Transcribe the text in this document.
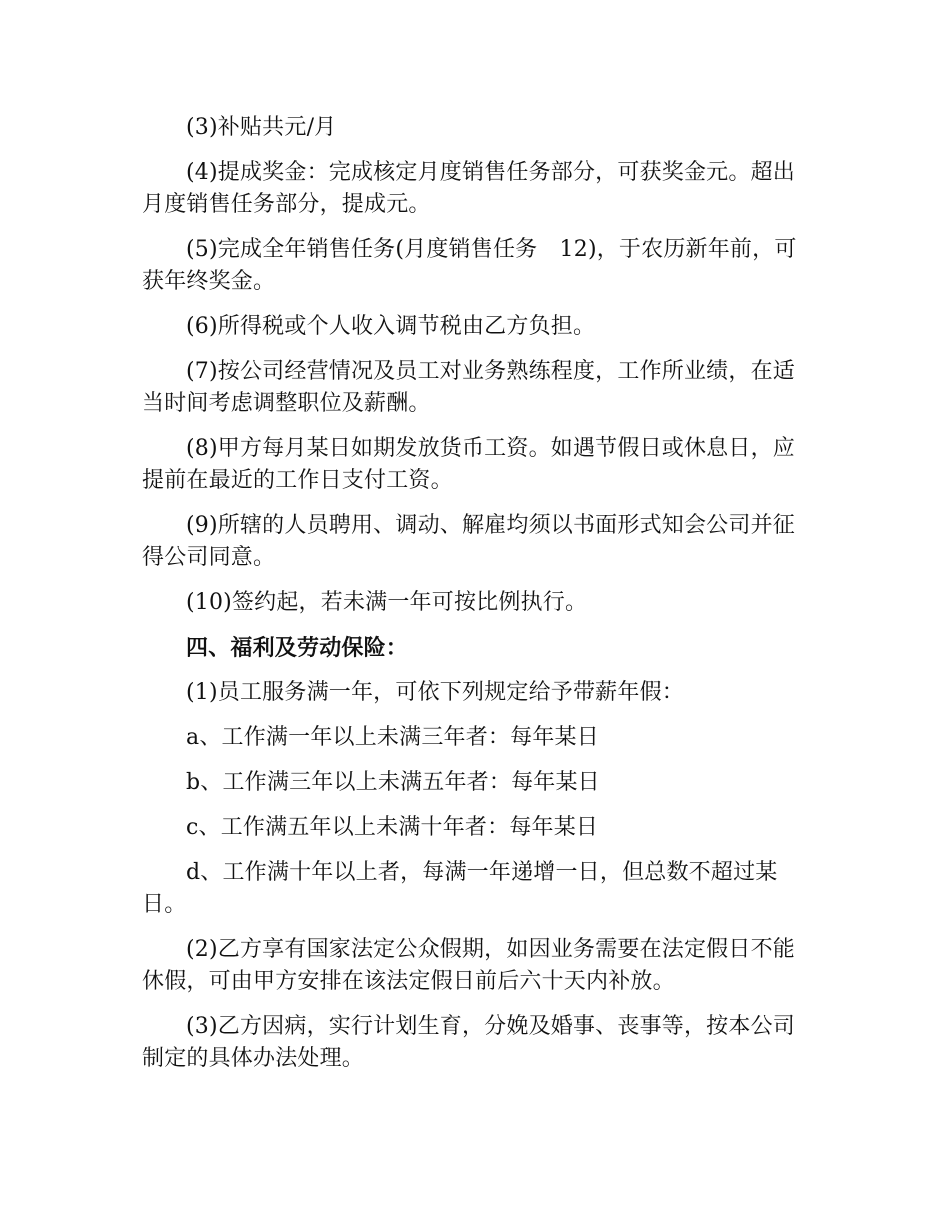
(3)补贴共元/月

(4)提成奖金：完成核定月度销售任务部分，可获奖金元。超出月度销售任务部分，提成元。

(5)完成全年销售任务(月度销售任务　12)，于农历新年前，可获年终奖金。

(6)所得税或个人收入调节税由乙方负担。

(7)按公司经营情况及员工对业务熟练程度，工作所业绩，在适当时间考虑调整职位及薪酬。

(8)甲方每月某日如期发放货币工资。如遇节假日或休息日，应提前在最近的工作日支付工资。

(9)所辖的人员聘用、调动、解雇均须以书面形式知会公司并征得公司同意。

(10)签约起，若未满一年可按比例执行。

四、福利及劳动保险：

(1)员工服务满一年，可依下列规定给予带薪年假：

a、工作满一年以上未满三年者：每年某日

b、工作满三年以上未满五年者：每年某日

c、工作满五年以上未满十年者：每年某日

d、工作满十年以上者，每满一年递增一日，但总数不超过某日。

(2)乙方享有国家法定公众假期，如因业务需要在法定假日不能休假，可由甲方安排在该法定假日前后六十天内补放。

(3)乙方因病，实行计划生育，分娩及婚事、丧事等，按本公司制定的具体办法处理。
